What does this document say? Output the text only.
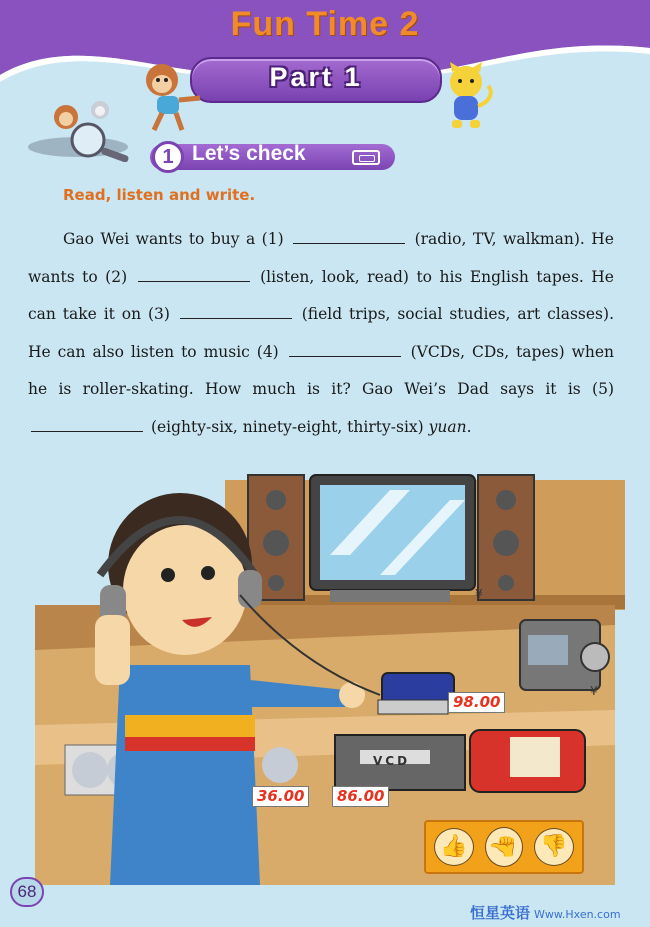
Fun Time 2
Part 1
1 Let’s check
Read, listen and write.

Gao Wei wants to buy a (1)	(radio, TV, walkman). He wants to (2)	(listen, look, read) to his English tapes. He can take it on (3)	(field trips, social studies, art classes). He can also listen to music (4)	(VCDs, CDs, tapes) when he is roller-skating. How much is it? Gao Wei’s Dad says it is (5)  (eighty-six, ninety-eight, thirty-six) yuan.

98.00
36.00	86.00
VCD
¥
¥
👍 👍	👎
68
恒星英语 Www.Hxen.com
